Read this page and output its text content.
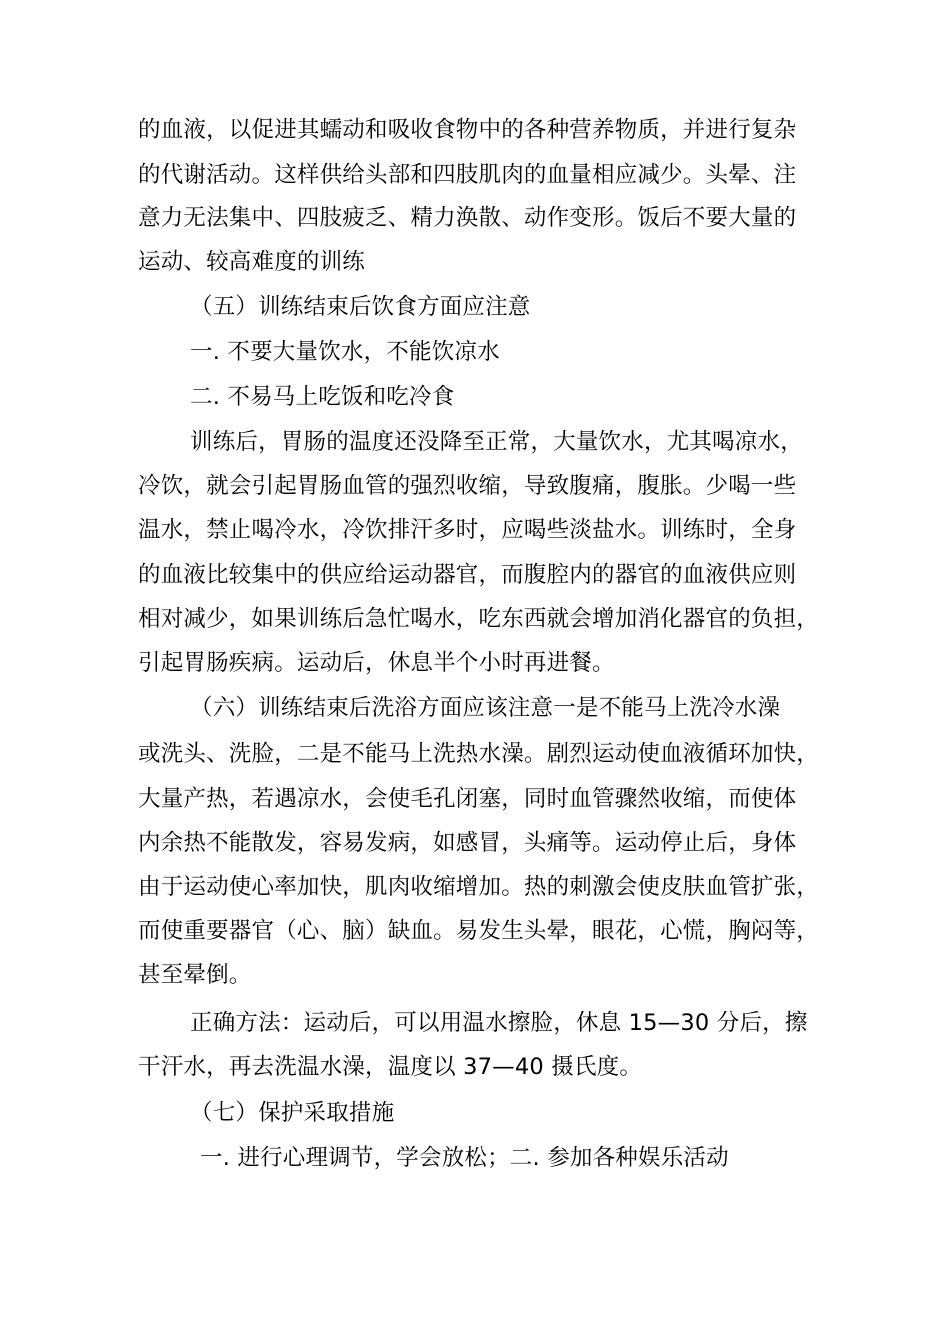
的血液，以促进其蠕动和吸收食物中的各种营养物质，并进行复杂
的代谢活动。这样供给头部和四肢肌肉的血量相应减少。头晕、注
意力无法集中、四肢疲乏、精力涣散、动作变形。饭后不要大量的
运动、较高难度的训练
（五）训练结束后饮食方面应注意
一. 不要大量饮水，不能饮凉水
二. 不易马上吃饭和吃冷食
训练后，胃肠的温度还没降至正常，大量饮水，尤其喝凉水，
冷饮，就会引起胃肠血管的强烈收缩，导致腹痛，腹胀。少喝一些
温水，禁止喝冷水，冷饮排汗多时，应喝些淡盐水。训练时，全身
的血液比较集中的供应给运动器官，而腹腔内的器官的血液供应则
相对减少，如果训练后急忙喝水，吃东西就会增加消化器官的负担，
引起胃肠疾病。运动后，休息半个小时再进餐。
（六）训练结束后洗浴方面应该注意一是不能马上洗冷水澡
或洗头、洗脸，二是不能马上洗热水澡。剧烈运动使血液循环加快，
大量产热，若遇凉水，会使毛孔闭塞，同时血管骤然收缩，而使体
内余热不能散发，容易发病，如感冒，头痛等。运动停止后，身体
由于运动使心率加快，肌肉收缩增加。热的刺激会使皮肤血管扩张，
而使重要器官（心、脑）缺血。易发生头晕，眼花，心慌，胸闷等，
甚至晕倒。
正确方法：运动后，可以用温水擦脸，休息 15—30 分后，擦
干汗水，再去洗温水澡，温度以 37—40 摄氏度。
（七）保护采取措施
一. 进行心理调节，学会放松；二. 参加各种娱乐活动
